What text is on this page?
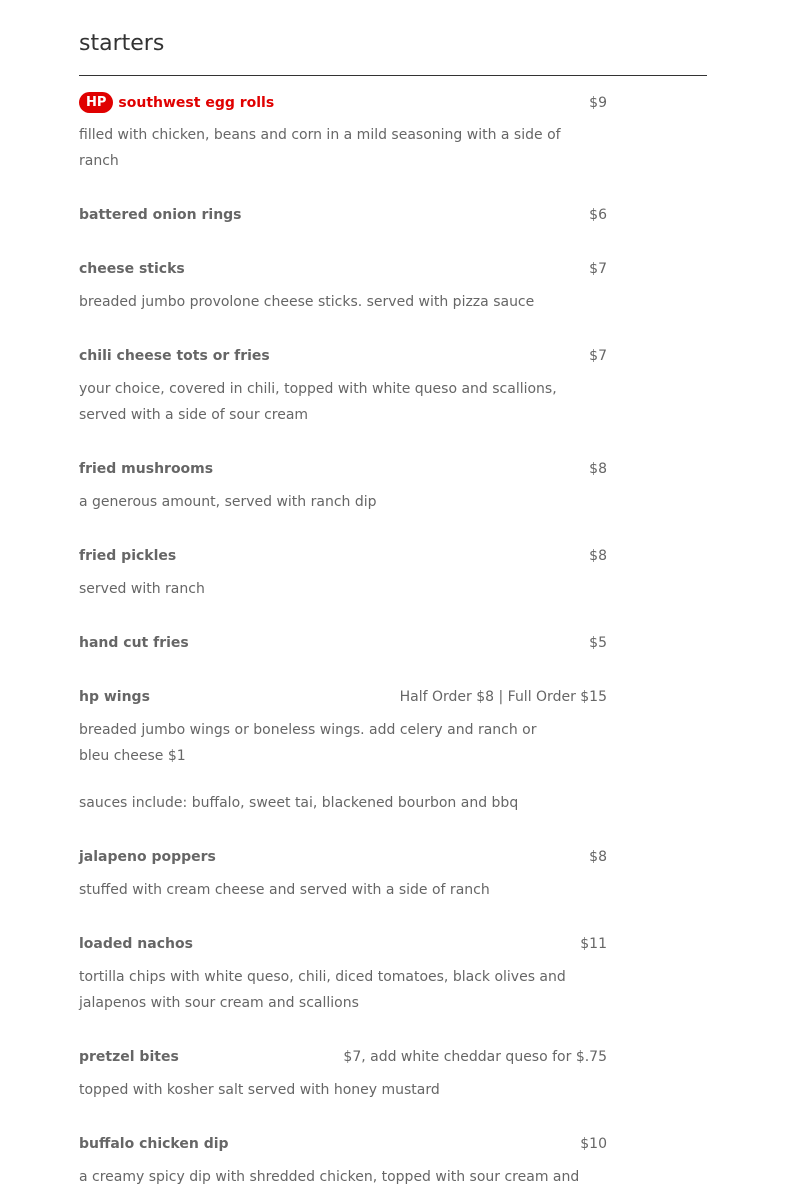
starters
HP southwest egg rolls	$9

filled with chicken, beans and corn in a mild seasoning with a side of ranch

battered onion rings	$6
cheese sticks	$7

breaded jumbo provolone cheese sticks. served with pizza sauce

chili cheese tots or fries	$7

your choice, covered in chili, topped with white queso and scallions, served with a side of sour cream

fried mushrooms	$8

a generous amount, served with ranch dip

fried pickles	$8

served with ranch

hand cut fries	$5
hp wings	Half Order $8 | Full Order $15

breaded jumbo wings or boneless wings. add celery and ranch or bleu cheese $1

sauces include: buffalo, sweet tai, blackened bourbon and bbq

jalapeno poppers	$8

stuffed with cream cheese and served with a side of ranch

loaded nachos	$11

tortilla chips with white queso, chili, diced tomatoes, black olives and jalapenos with sour cream and scallions

pretzel bites	$7, add white cheddar queso for $.75

topped with kosher salt served with honey mustard

buffalo chicken dip	$10

a creamy spicy dip with shredded chicken, topped with sour cream and
